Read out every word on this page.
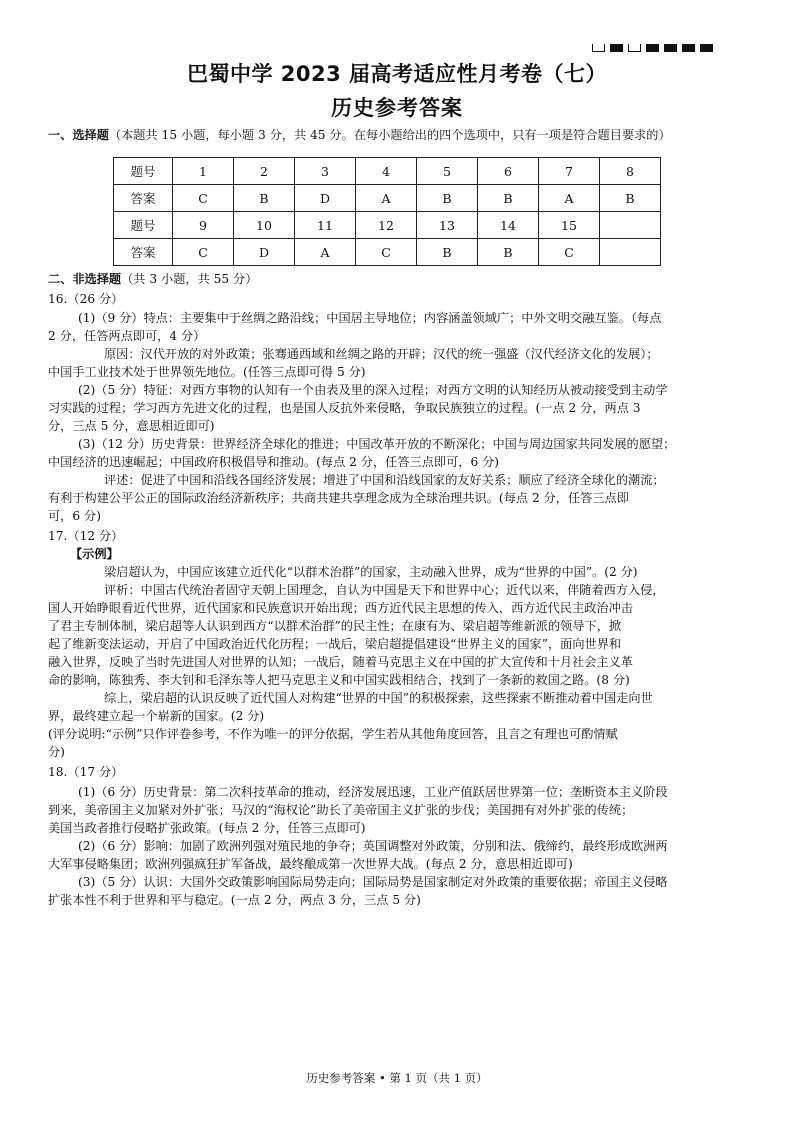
巴蜀中学 2023 届高考适应性月考卷（七）
历史参考答案
一、选择题（本题共 15 小题，每小题 3 分，共 45 分。在每小题给出的四个选项中，只有一项是符合题目要求的）
题号	1	2	3	4	5	6	7	8
答案	C	B	D	A	B	B	A	B
题号	9	10	11	12	13	14	15	
答案	C	D	A	C	B	B	C	
二、非选择题（共 3 小题，共 55 分）
16.（26 分）
(1)（9 分）特点：主要集中于丝绸之路沿线；中国居主导地位；内容涵盖领域广；中外文明交融互鉴。（每点
2 分，任答两点即可，4 分）
原因：汉代开放的对外政策；张骞通西域和丝绸之路的开辟；汉代的统一强盛（汉代经济文化的发展）；
中国手工业技术处于世界领先地位。(任答三点即可得 5 分)
(2)（5 分）特征：对西方事物的认知有一个由表及里的深入过程；对西方文明的认知经历从被动接受到主动学
习实践的过程；学习西方先进文化的过程，也是国人反抗外来侵略，争取民族独立的过程。(一点 2 分，两点 3
分，三点 5 分，意思相近即可)
(3)（12 分）历史背景：世界经济全球化的推进；中国改革开放的不断深化；中国与周边国家共同发展的愿望；
中国经济的迅速崛起；中国政府积极倡导和推动。(每点 2 分，任答三点即可，6 分)
评述：促进了中国和沿线各国经济发展；增进了中国和沿线国家的友好关系；顺应了经济全球化的潮流；
有利于构建公平公正的国际政治经济新秩序；共商共建共享理念成为全球治理共识。(每点 2 分，任答三点即
可，6 分)
17.（12 分）
【示例】
梁启超认为，中国应该建立近代化“以群术治群”的国家，主动融入世界，成为“世界的中国”。(2 分)
评析：中国古代统治者固守天朝上国理念，自认为中国是天下和世界中心；近代以来，伴随着西方入侵，
国人开始睁眼看近代世界，近代国家和民族意识开始出现；西方近代民主思想的传入，西方近代民主政治冲击
了君主专制体制，梁启超等人认识到西方“以群术治群”的民主性；在康有为、梁启超等维新派的领导下，掀
起了维新变法运动，开启了中国政治近代化历程；一战后，梁启超提倡建设“世界主义的国家”，面向世界和
融入世界，反映了当时先进国人对世界的认知；一战后，随着马克思主义在中国的扩大宣传和十月社会主义革
命的影响，陈独秀、李大钊和毛泽东等人把马克思主义和中国实践相结合，找到了一条新的救国之路。(8 分)
综上，梁启超的认识反映了近代国人对构建“世界的中国”的积极探索，这些探索不断推动着中国走向世
界，最终建立起一个崭新的国家。(2 分)
(评分说明:“示例”只作评卷参考，不作为唯一的评分依据，学生若从其他角度回答，且言之有理也可酌情赋
分)
18.（17 分）
(1)（6 分）历史背景：第二次科技革命的推动，经济发展迅速，工业产值跃居世界第一位；垄断资本主义阶段
到来，美帝国主义加紧对外扩张；马汉的“海权论”助长了美帝国主义扩张的步伐；美国拥有对外扩张的传统；
美国当政者推行侵略扩张政策。(每点 2 分，任答三点即可)
(2)（6 分）影响：加剧了欧洲列强对殖民地的争夺；英国调整对外政策，分别和法、俄缔约，最终形成欧洲两
大军事侵略集团；欧洲列强疯狂扩军备战，最终酿成第一次世界大战。(每点 2 分，意思相近即可)
(3)（5 分）认识：大国外交政策影响国际局势走向；国际局势是国家制定对外政策的重要依据；帝国主义侵略
扩张本性不利于世界和平与稳定。(一点 2 分，两点 3 分，三点 5 分)
历史参考答案 • 第 1 页（共 1 页）
